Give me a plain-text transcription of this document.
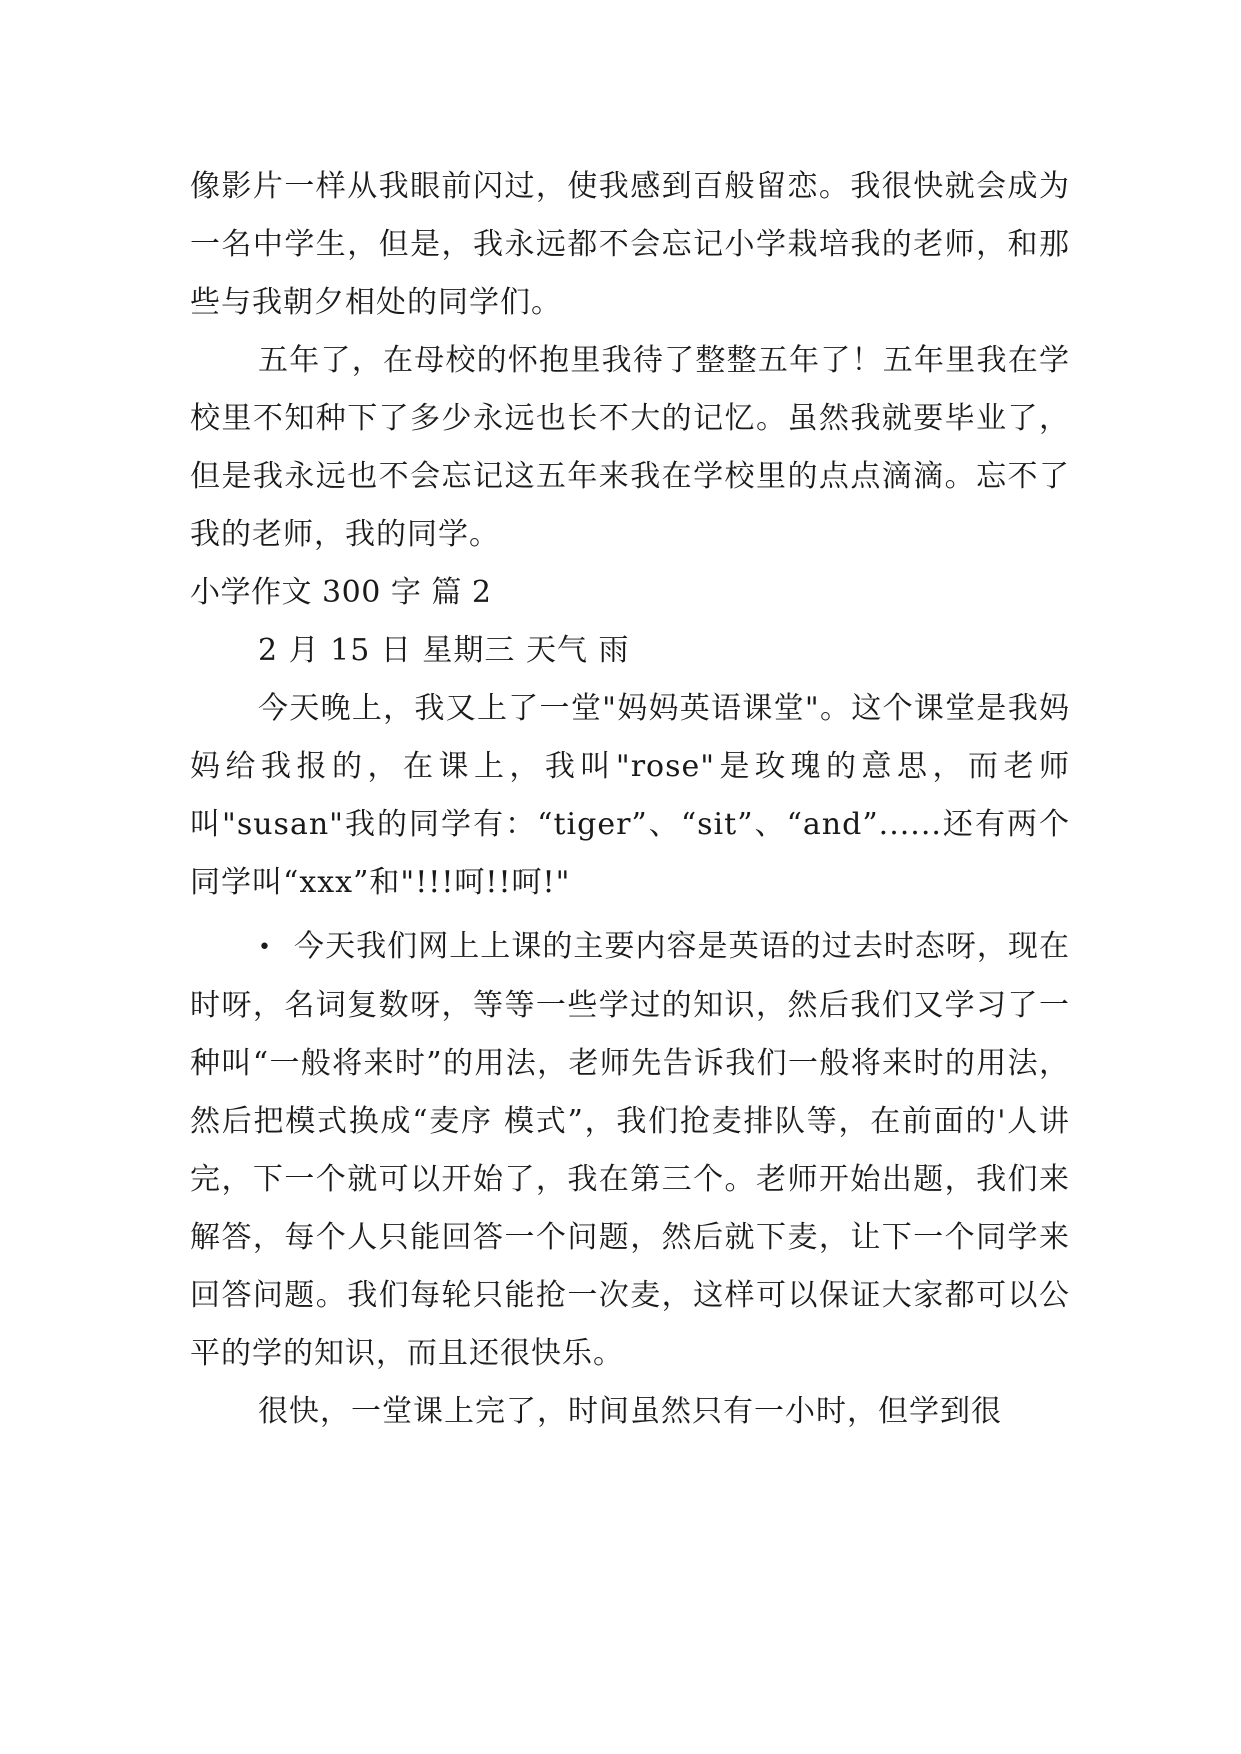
像影片一样从我眼前闪过，使我感到百般留恋。我很快就会成为一名中学生，但是，我永远都不会忘记小学栽培我的老师，和那些与我朝夕相处的同学们。

五年了，在母校的怀抱里我待了整整五年了！五年里我在学校里不知种下了多少永远也长不大的记忆。虽然我就要毕业了，但是我永远也不会忘记这五年来我在学校里的点点滴滴。忘不了我的老师，我的同学。

小学作文 300 字 篇 2

2 月 15 日 星期三 天气 雨

今天晚上，我又上了一堂"妈妈英语课堂"。这个课堂是我妈妈给我报的，在课上，我叫"rose"是玫瑰的意思，而老师叫"susan"我的同学有：“tiger”、“sit”、“and”......还有两个同学叫“xxx”和"!!!呵!!呵!"

• 今天我们网上上课的主要内容是英语的过去时态呀，现在时呀，名词复数呀，等等一些学过的知识，然后我们又学习了一种叫“一般将来时”的用法，老师先告诉我们一般将来时的用法，然后把模式换成“麦序 模式”，我们抢麦排队等，在前面的'人讲完，下一个就可以开始了，我在第三个。老师开始出题，我们来解答，每个人只能回答一个问题，然后就下麦，让下一个同学来回答问题。我们每轮只能抢一次麦，这样可以保证大家都可以公平的学的知识，而且还很快乐。

很快，一堂课上完了，时间虽然只有一小时，但学到很
